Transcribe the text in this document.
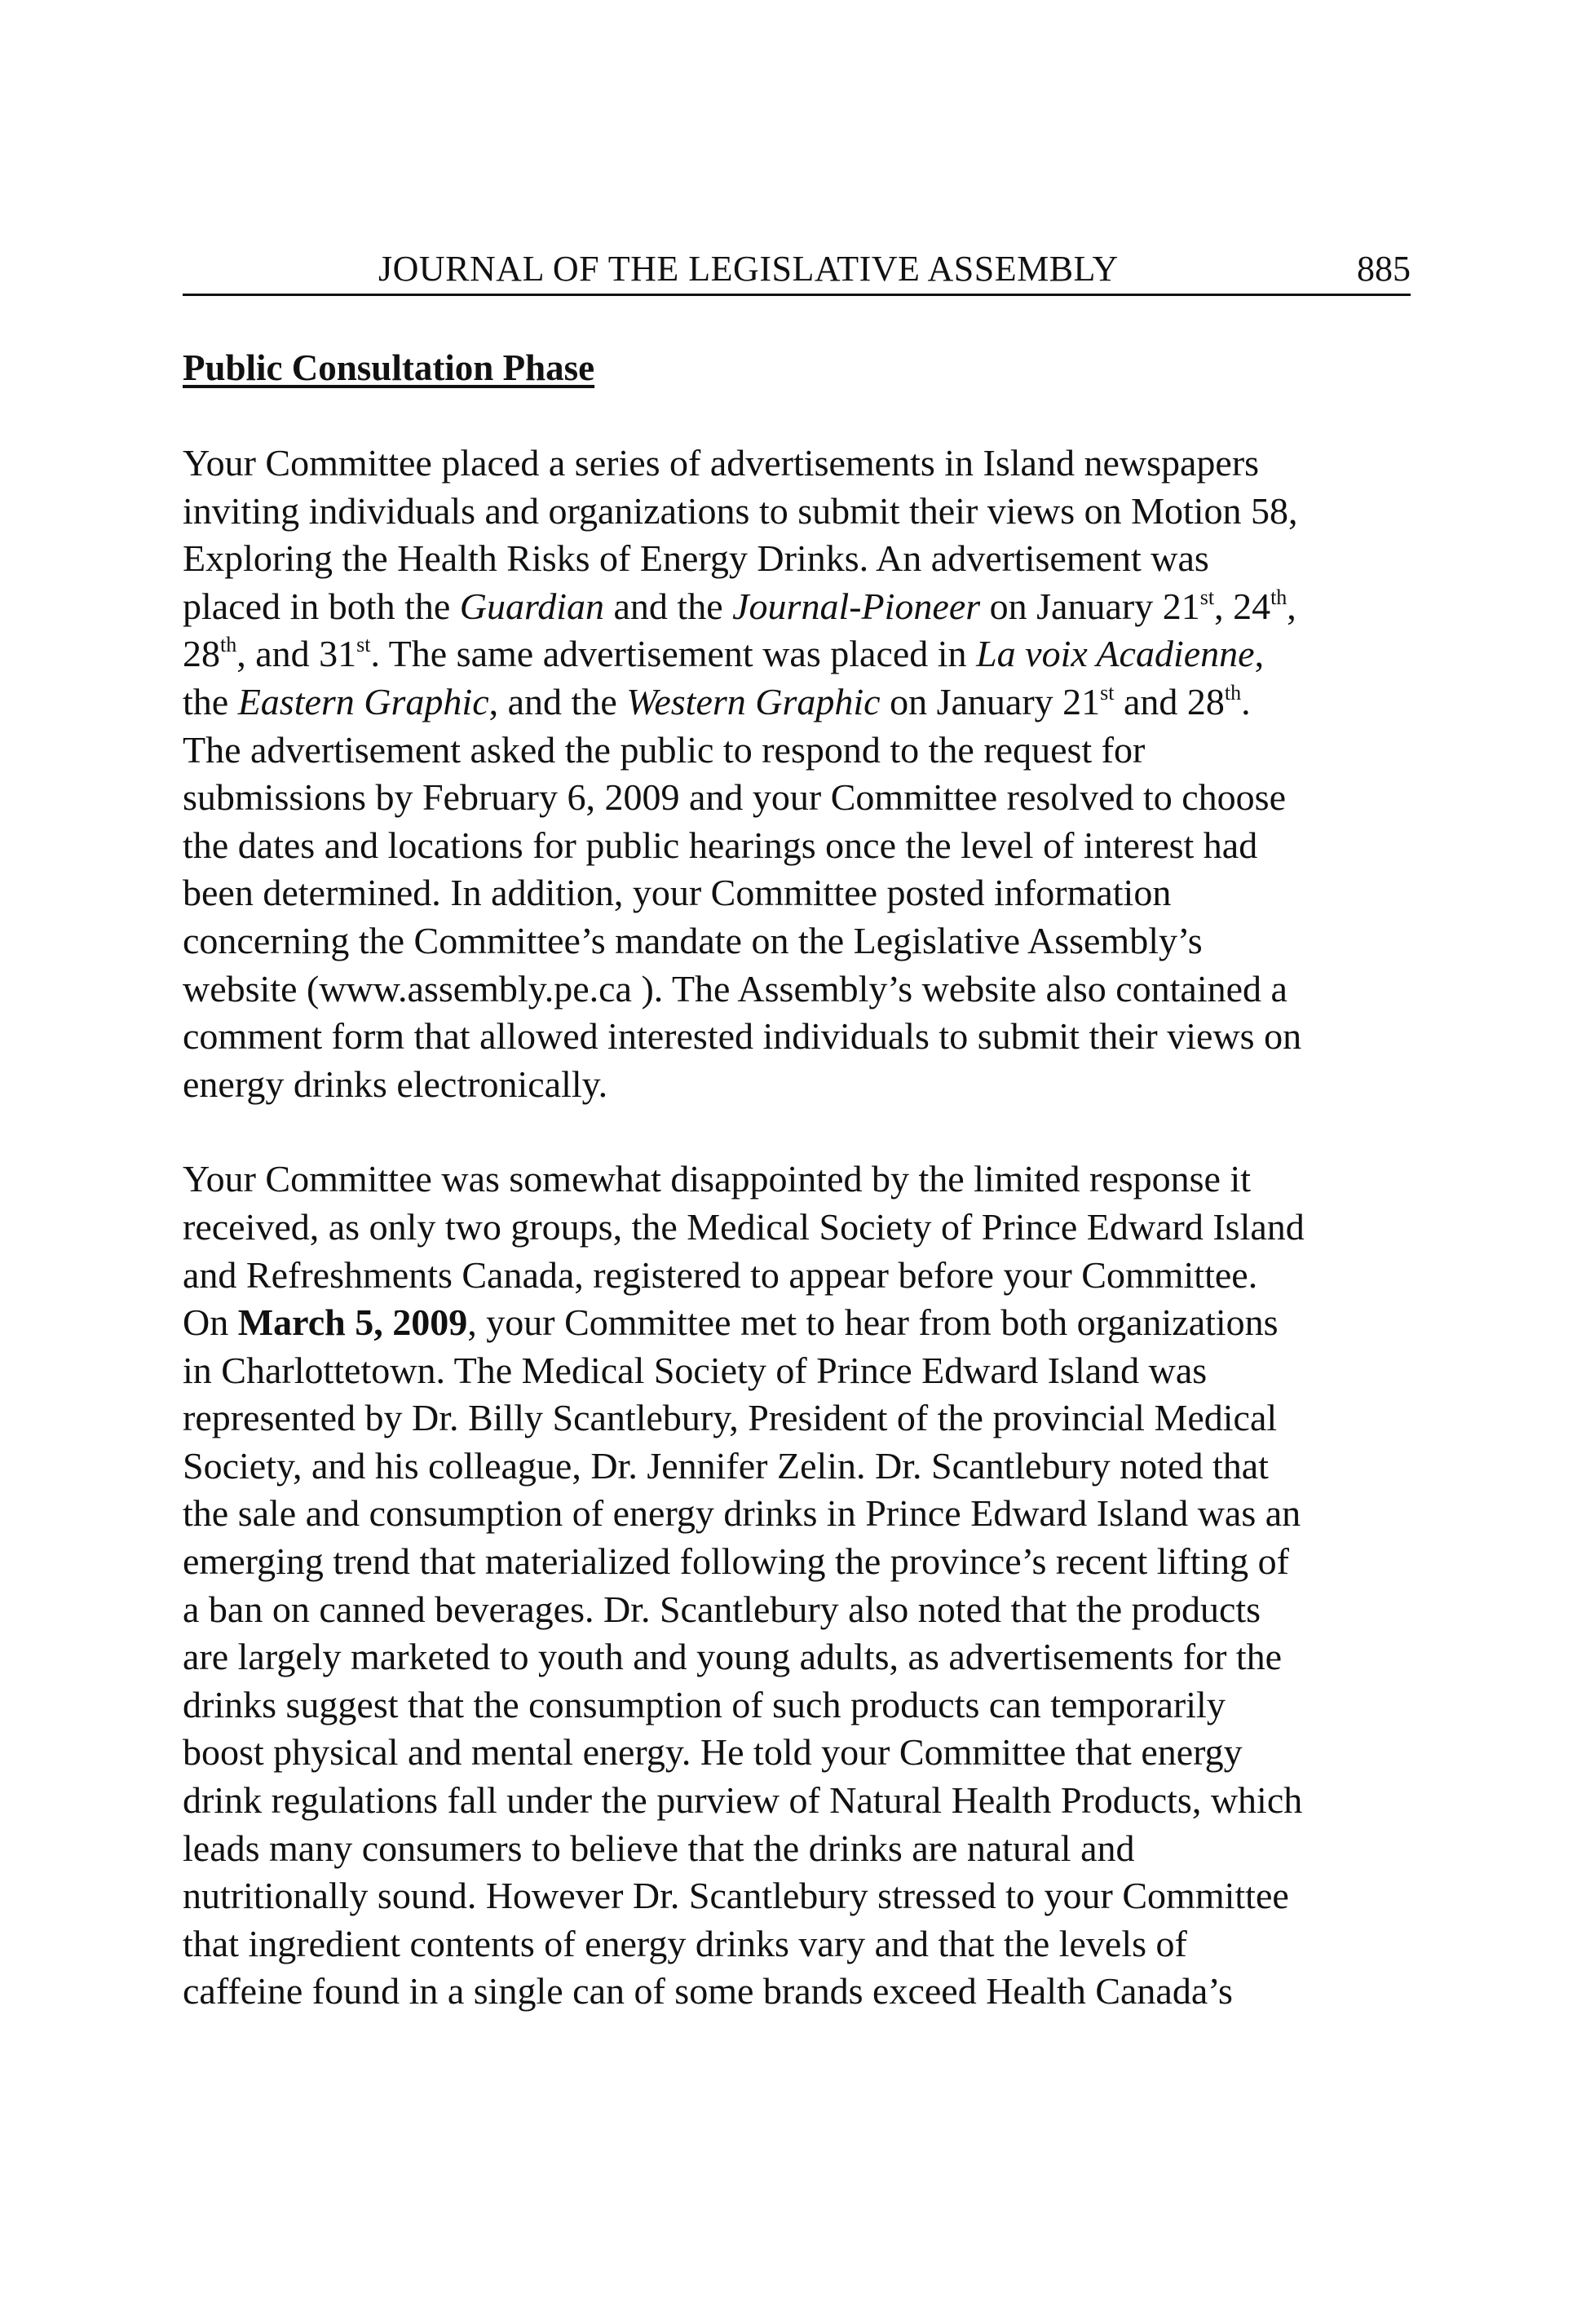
JOURNAL OF THE LEGISLATIVE ASSEMBLY	885
Public Consultation Phase
Your Committee placed a series of advertisements in Island newspapers
inviting individuals and organizations to submit their views on Motion 58,
Exploring the Health Risks of Energy Drinks. An advertisement was
placed in both the Guardian and the Journal-Pioneer on January 21st, 24th,
28th, and 31st. The same advertisement was placed in La voix Acadienne,
the Eastern Graphic, and the Western Graphic on January 21st and 28th.
The advertisement asked the public to respond to the request for
submissions by February 6, 2009 and your Committee resolved to choose
the dates and locations for public hearings once the level of interest had
been determined. In addition, your Committee posted information
concerning the Committee’s mandate on the Legislative Assembly’s
website (www.assembly.pe.ca ). The Assembly’s website also contained a
comment form that allowed interested individuals to submit their views on
energy drinks electronically.
Your Committee was somewhat disappointed by the limited response it
received, as only two groups, the Medical Society of Prince Edward Island
and Refreshments Canada, registered to appear before your Committee.
On March 5, 2009, your Committee met to hear from both organizations
in Charlottetown. The Medical Society of Prince Edward Island was
represented by Dr. Billy Scantlebury, President of the provincial Medical
Society, and his colleague, Dr. Jennifer Zelin. Dr. Scantlebury noted that
the sale and consumption of energy drinks in Prince Edward Island was an
emerging trend that materialized following the province’s recent lifting of
a ban on canned beverages. Dr. Scantlebury also noted that the products
are largely marketed to youth and young adults, as advertisements for the
drinks suggest that the consumption of such products can temporarily
boost physical and mental energy. He told your Committee that energy
drink regulations fall under the purview of Natural Health Products, which
leads many consumers to believe that the drinks are natural and
nutritionally sound. However Dr. Scantlebury stressed to your Committee
that ingredient contents of energy drinks vary and that the levels of
caffeine found in a single can of some brands exceed Health Canada’s
